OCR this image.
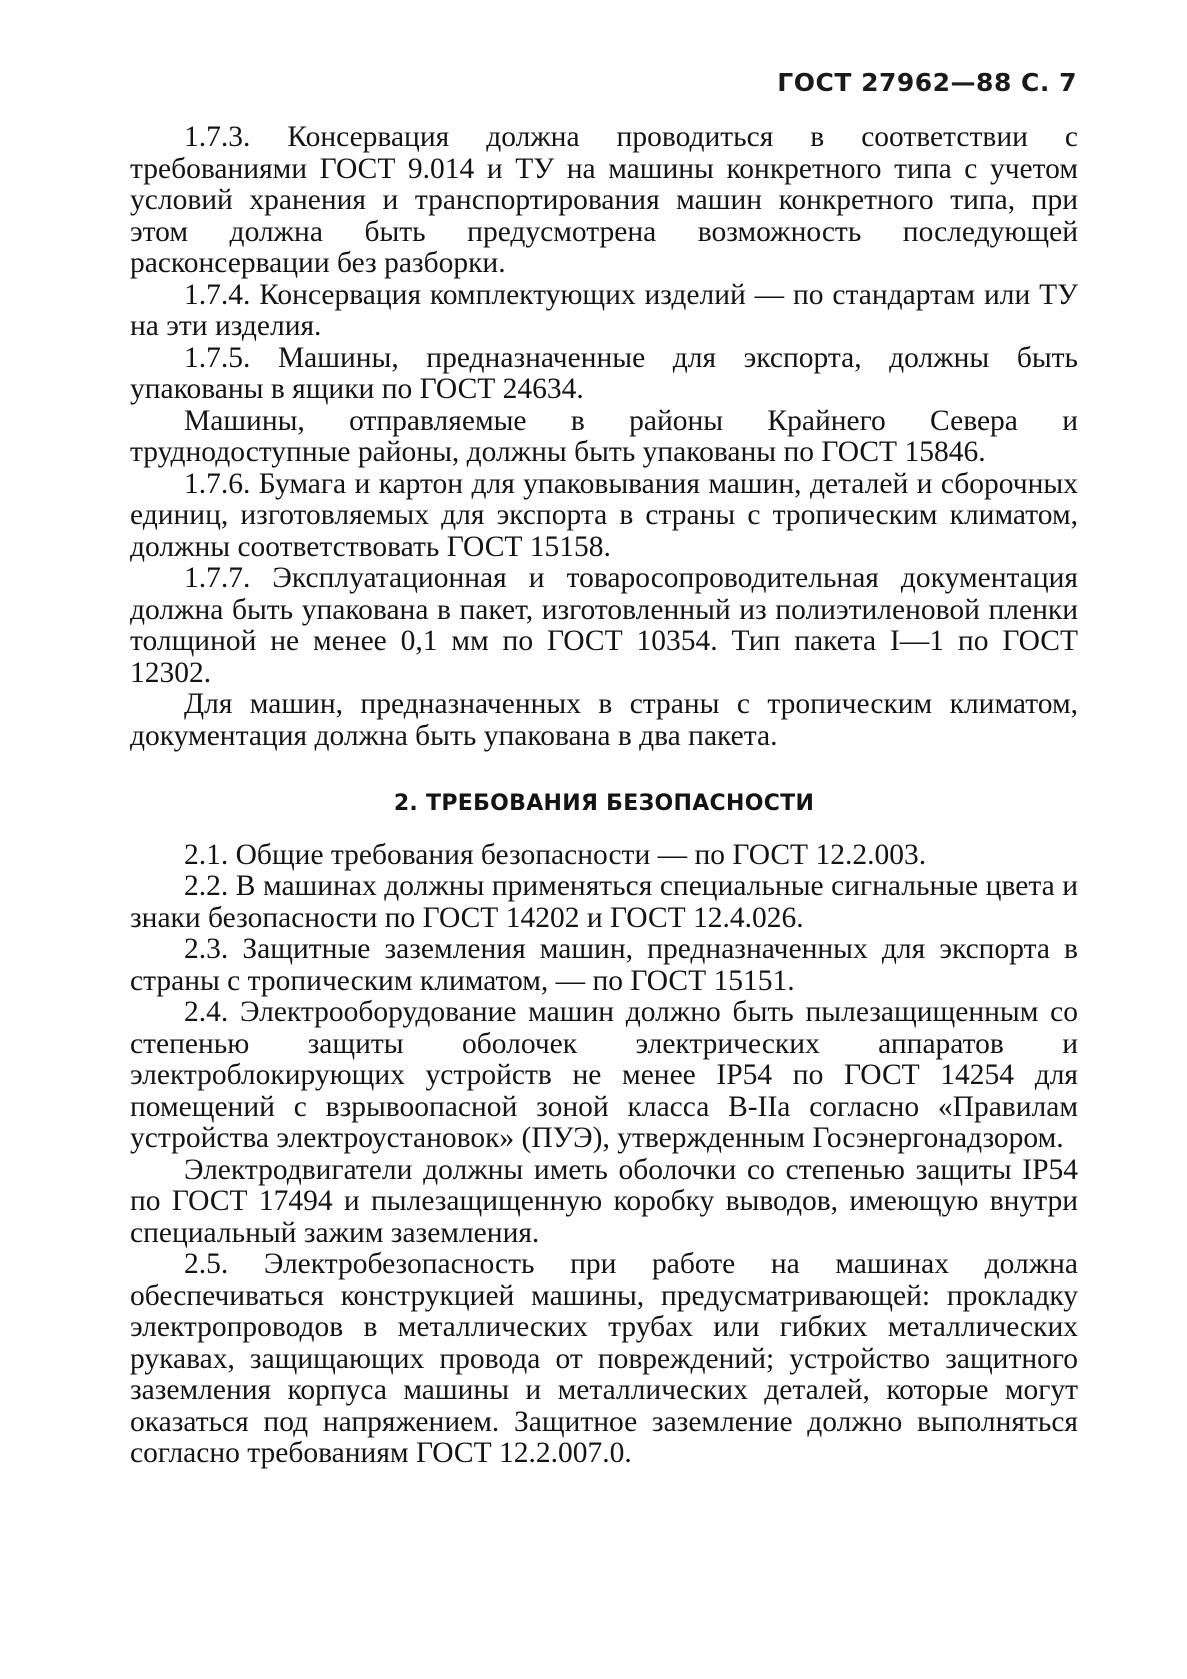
ГОСТ 27962—88 С. 7

1.7.3. Консервация должна проводиться в соответствии с требованиями ГОСТ 9.014 и ТУ на машины конкретного типа с учетом условий хранения и транспортирования машин конкретного типа, при этом должна быть предусмотрена возможность последующей расконсервации без разборки.

1.7.4. Консервация комплектующих изделий — по стандартам или ТУ на эти изделия.

1.7.5. Машины, предназначенные для экспорта, должны быть упакованы в ящики по ГОСТ 24634.

Машины, отправляемые в районы Крайнего Севера и труднодоступные районы, должны быть упакованы по ГОСТ 15846.

1.7.6. Бумага и картон для упаковывания машин, деталей и сборочных единиц, изготовляемых для экспорта в страны с тропическим климатом, должны соответствовать ГОСТ 15158.

1.7.7. Эксплуатационная и товаросопроводительная документация должна быть упакована в пакет, изготовленный из полиэтиленовой пленки толщиной не менее 0,1 мм по ГОСТ 10354. Тип пакета I—1 по ГОСТ 12302.

Для машин, предназначенных в страны с тропическим климатом, документация должна быть упакована в два пакета.

2. ТРЕБОВАНИЯ БЕЗОПАСНОСТИ

2.1. Общие требования безопасности — по ГОСТ 12.2.003.

2.2. В машинах должны применяться специальные сигнальные цвета и знаки безопасности по ГОСТ 14202 и ГОСТ 12.4.026.

2.3. Защитные заземления машин, предназначенных для экспорта в страны с тропическим климатом, — по ГОСТ 15151.

2.4. Электрооборудование машин должно быть пылезащищенным со степенью защиты оболочек электрических аппаратов и электроблокирующих устройств не менее IP54 по ГОСТ 14254 для помещений с взрывоопасной зоной класса В-IIа согласно «Правилам устройства электроустановок» (ПУЭ), утвержденным Госэнергонадзором.

Электродвигатели должны иметь оболочки со степенью защиты IP54 по ГОСТ 17494 и пылезащищенную коробку выводов, имеющую внутри специальный зажим заземления.

2.5. Электробезопасность при работе на машинах должна обеспечиваться конструкцией машины, предусматривающей: прокладку электропроводов в металлических трубах или гибких металлических рукавах, защищающих провода от повреждений; устройство защитного заземления корпуса машины и металлических деталей, которые могут оказаться под напряжением. Защитное заземление должно выполняться согласно требованиям ГОСТ 12.2.007.0.
